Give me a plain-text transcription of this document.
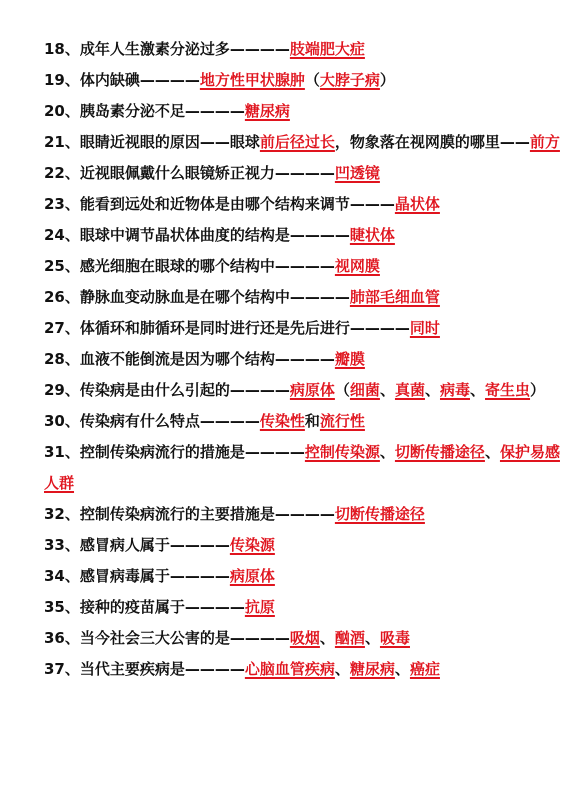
18、成年人生激素分泌过多————肢端肥大症

19、体内缺碘————地方性甲状腺肿（大脖子病）

20、胰岛素分泌不足————糖尿病

21、眼睛近视眼的原因——眼球前后径过长，物象落在视网膜的哪里——前方

22、近视眼佩戴什么眼镜矫正视力————凹透镜

23、能看到远处和近物体是由哪个结构来调节———晶状体

24、眼球中调节晶状体曲度的结构是————睫状体

25、感光细胞在眼球的哪个结构中————视网膜

26、静脉血变动脉血是在哪个结构中————肺部毛细血管

27、体循环和肺循环是同时进行还是先后进行————同时

28、血液不能倒流是因为哪个结构————瓣膜

29、传染病是由什么引起的————病原体（细菌、真菌、病毒、寄生虫）

30、传染病有什么特点————传染性和流行性

31、控制传染病流行的措施是————控制传染源、切断传播途径、保护易感人群

32、控制传染病流行的主要措施是————切断传播途径

33、感冒病人属于————传染源

34、感冒病毒属于————病原体

35、接种的疫苗属于————抗原

36、当今社会三大公害的是————吸烟、酗酒、吸毒

37、当代主要疾病是————心脑血管疾病、糖尿病、癌症
